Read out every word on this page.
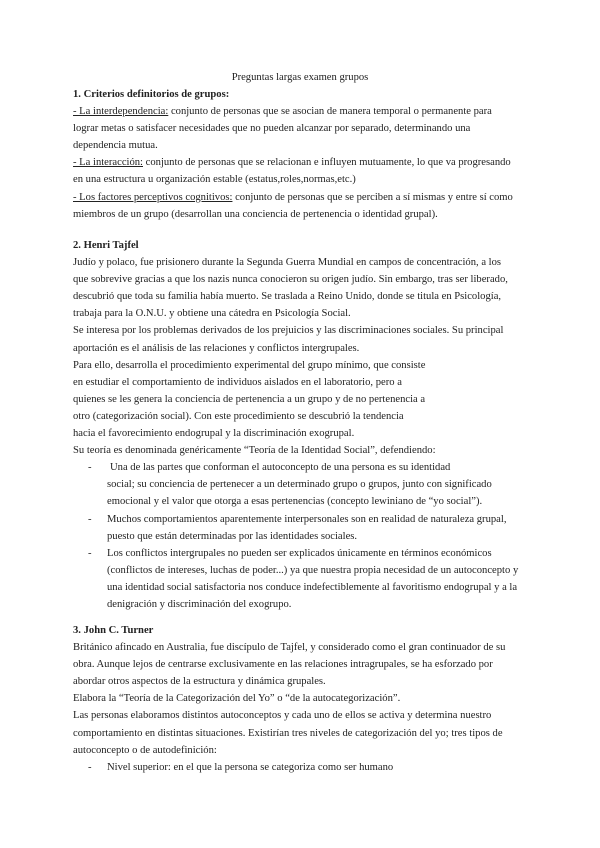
Preguntas largas examen grupos
1. Criterios definitorios de grupos:
- La interdependencia: conjunto de personas que se asocian de manera temporal o permanente para
lograr metas o satisfacer necesidades que no pueden alcanzar por separado, determinando una
dependencia mutua.
- La interacción: conjunto de personas que se relacionan e influyen mutuamente, lo que va progresando
en una estructura u organización estable (estatus,roles,normas,etc.)
- Los factores perceptivos cognitivos: conjunto de personas que se perciben a sí mismas y entre sí como
miembros de un grupo (desarrollan una conciencia de pertenencia o identidad grupal).
2. Henri Tajfel
Judío y polaco, fue prisionero durante la Segunda Guerra Mundial en campos de concentración, a los
que sobrevive gracias a que los nazis nunca conocieron su origen judío. Sin embargo, tras ser liberado,
descubrió que toda su familia había muerto. Se traslada a Reino Unido, donde se titula en Psicología,
trabaja para la O.N.U. y obtiene una cátedra en Psicología Social.
Se interesa por los problemas derivados de los prejuicios y las discriminaciones sociales. Su principal
aportación es el análisis de las relaciones y conflictos intergrupales.
Para ello, desarrolla el procedimiento experimental del grupo mínimo, que consiste
en estudiar el comportamiento de individuos aislados en el laboratorio, pero a
quienes se les genera la conciencia de pertenencia a un grupo y de no pertenencia a
otro (categorización social). Con este procedimiento se descubrió la tendencia
hacia el favorecimiento endogrupal y la discriminación exogrupal.
Su teoría es denominada genéricamente “Teoría de la Identidad Social”, defendiendo:
- Una de las partes que conforman el autoconcepto de una persona es su identidad
social; su conciencia de pertenecer a un determinado grupo o grupos, junto con significado
emocional y el valor que otorga a esas pertenencias (concepto lewiniano de “yo social”).
- Muchos comportamientos aparentemente interpersonales son en realidad de naturaleza grupal,
puesto que están determinadas por las identidades sociales.
- Los conflictos intergrupales no pueden ser explicados únicamente en términos económicos
(conflictos de intereses, luchas de poder...) ya que nuestra propia necesidad de un autoconcepto y
una identidad social satisfactoria nos conduce indefectiblemente al favoritismo endogrupal y a la
denigración y discriminación del exogrupo.
3. John C. Turner
Británico afincado en Australia, fue discípulo de Tajfel, y considerado como el gran continuador de su
obra. Aunque lejos de centrarse exclusivamente en las relaciones intragrupales, se ha esforzado por
abordar otros aspectos de la estructura y dinámica grupales.
Elabora la “Teoría de la Categorización del Yo” o “de la autocategorización”.
Las personas elaboramos distintos autoconceptos y cada uno de ellos se activa y determina nuestro
comportamiento en distintas situaciones. Existirían tres niveles de categorización del yo; tres tipos de
autoconcepto o de autodefinición:
- Nivel superior: en el que la persona se categoriza como ser humano
